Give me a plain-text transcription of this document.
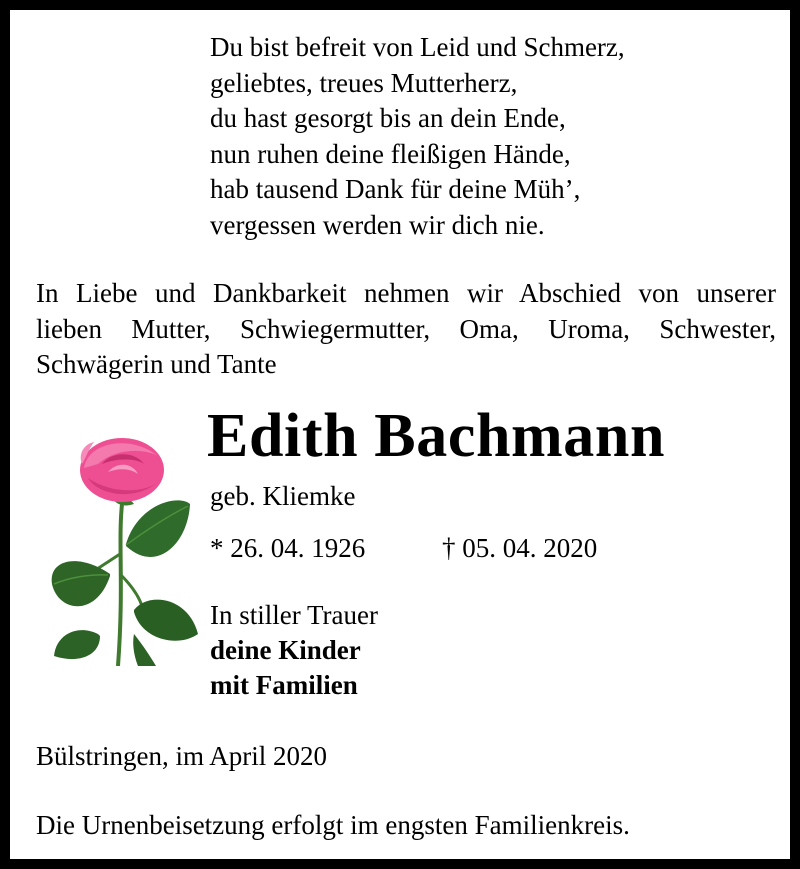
Du bist befreit von Leid und Schmerz,
geliebtes, treues Mutterherz,
du hast gesorgt bis an dein Ende,
nun ruhen deine fleißigen Hände,
hab tausend Dank für deine Müh’,
vergessen werden wir dich nie.
In Liebe und Dankbarkeit nehmen wir Abschied von unserer
lieben Mutter, Schwiegermutter, Oma, Uroma, Schwester,
Schwägerin und Tante
Edith Bachmann
geb. Kliemke
* 26. 04. 1926	† 05. 04. 2020
In stiller Trauer
deine Kinder
mit Familien
Bülstringen, im April 2020
Die Urnenbeisetzung erfolgt im engsten Familienkreis.
